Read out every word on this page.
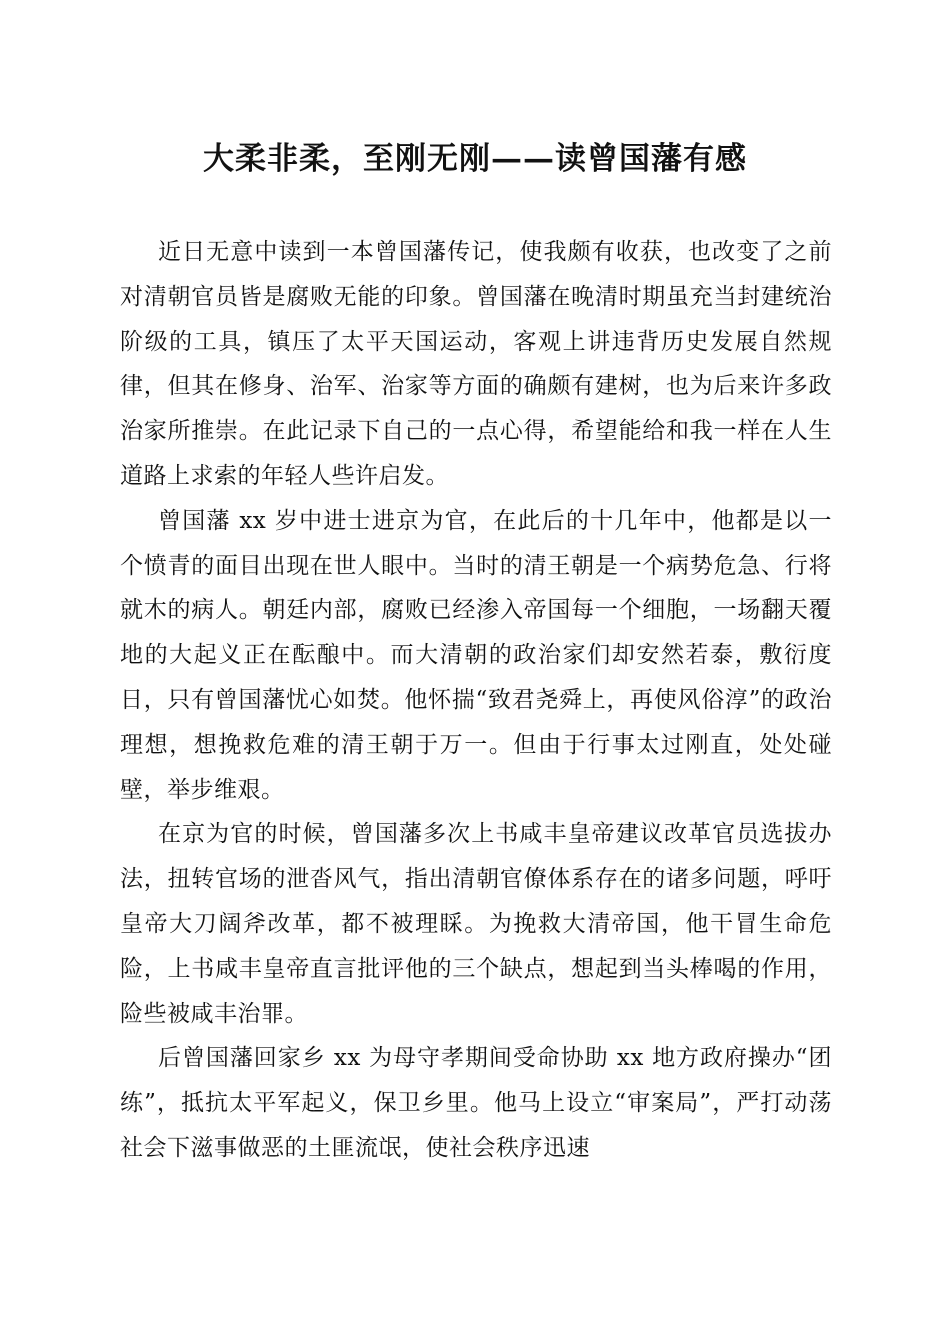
大柔非柔，至刚无刚——读曾国藩有感

近日无意中读到一本曾国藩传记，使我颇有收获，也改变了之前对清朝官员皆是腐败无能的印象。曾国藩在晚清时期虽充当封建统治阶级的工具，镇压了太平天国运动，客观上讲违背历史发展自然规律，但其在修身、治军、治家等方面的确颇有建树，也为后来许多政治家所推崇。在此记录下自己的一点心得，希望能给和我一样在人生道路上求索的年轻人些许启发。

曾国藩 xx 岁中进士进京为官，在此后的十几年中，他都是以一个愤青的面目出现在世人眼中。当时的清王朝是一个病势危急、行将就木的病人。朝廷内部，腐败已经渗入帝国每一个细胞，一场翻天覆地的大起义正在酝酿中。而大清朝的政治家们却安然若泰，敷衍度日，只有曾国藩忧心如焚。他怀揣“致君尧舜上，再使风俗淳”的政治理想，想挽救危难的清王朝于万一。但由于行事太过刚直，处处碰壁，举步维艰。

在京为官的时候，曾国藩多次上书咸丰皇帝建议改革官员选拔办法，扭转官场的泄沓风气，指出清朝官僚体系存在的诸多问题，呼吁皇帝大刀阔斧改革，都不被理睬。为挽救大清帝国，他干冒生命危险，上书咸丰皇帝直言批评他的三个缺点，想起到当头棒喝的作用，险些被咸丰治罪。

后曾国藩回家乡 xx 为母守孝期间受命协助 xx 地方政府操办“团练”，抵抗太平军起义，保卫乡里。他马上设立“审案局”，严打动荡社会下滋事做恶的土匪流氓，使社会秩序迅速
